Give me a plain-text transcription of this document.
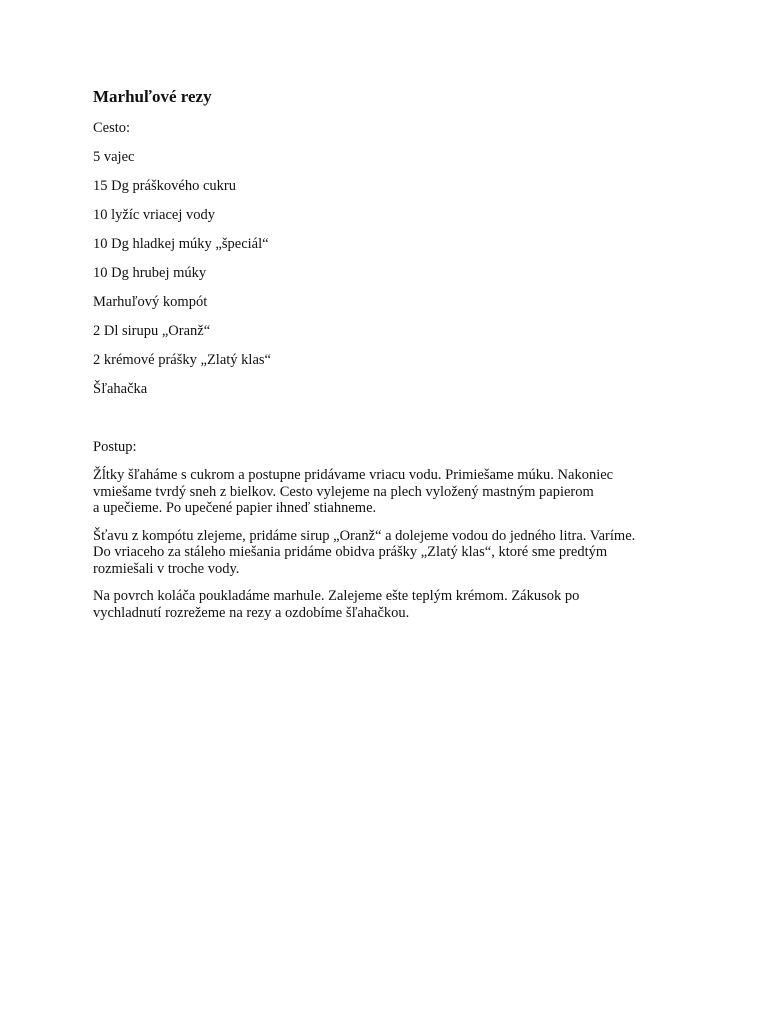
Marhuľové rezy
Cesto:
5 vajec
15 Dg práškového cukru
10 lyžíc vriacej vody
10 Dg hladkej múky „špeciál“
10 Dg hrubej múky
Marhuľový kompót
2 Dl sirupu „Oranž“
2 krémové prášky „Zlatý klas“
Šľahačka
Postup:
Žĺtky šľaháme s cukrom a postupne pridávame vriacu vodu. Primiešame múku. Nakoniec
vmiešame tvrdý sneh z bielkov. Cesto vylejeme na plech vyložený mastným papierom
a upečieme. Po upečené papier ihneď stiahneme.
Šťavu z kompótu zlejeme, pridáme sirup „Oranž“ a dolejeme vodou do jedného litra. Varíme.
Do vriaceho za stáleho miešania pridáme obidva prášky „Zlatý klas“, ktoré sme predtým
rozmiešali v troche vody.
Na povrch koláča poukladáme marhule. Zalejeme ešte teplým krémom. Zákusok po
vychladnutí rozrežeme na rezy a ozdobíme šľahačkou.
